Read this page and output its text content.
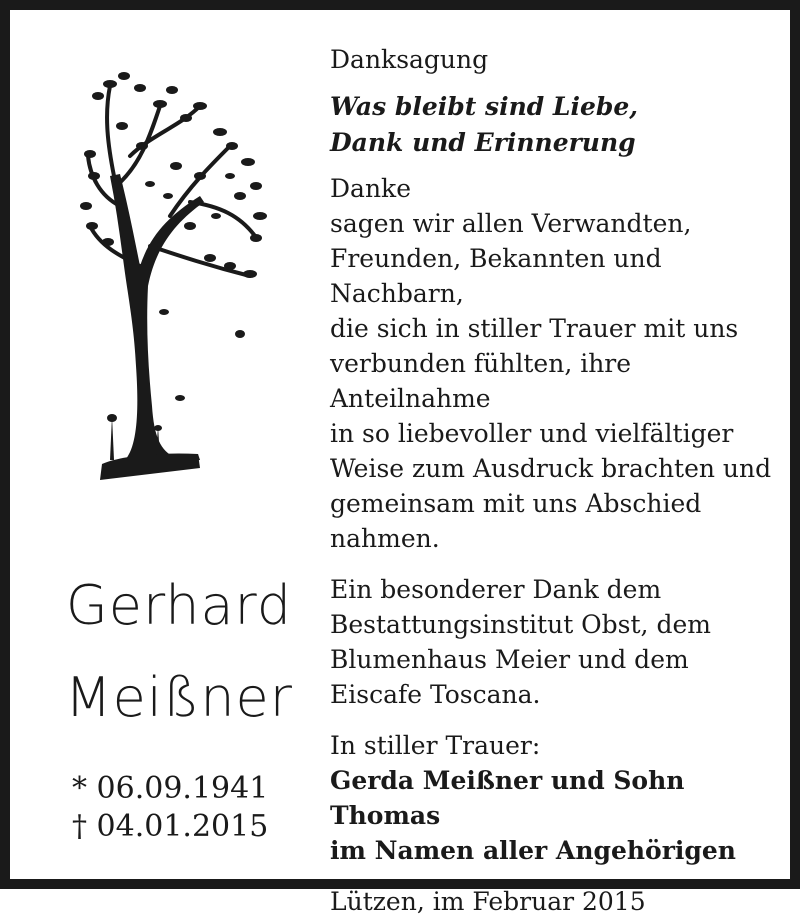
Gerhard
Meißner
* 06.09.1941
† 04.01.2015

Danksagung

Was bleibt sind Liebe,

Dank und Erinnerung

Danke

sagen wir allen Verwandten,

Freunden, Bekannten und Nachbarn,

die sich in stiller Trauer mit uns

verbunden fühlten, ihre Anteilnahme

in so liebevoller und vielfältiger

Weise zum Ausdruck brachten und

gemeinsam mit uns Abschied

nahmen.

Ein besonderer Dank dem

Bestattungsinstitut Obst, dem

Blumenhaus Meier und dem

Eiscafe Toscana.

In stiller Trauer:

Gerda Meißner und Sohn Thomas

im Namen aller Angehörigen

Lützen, im Februar 2015
